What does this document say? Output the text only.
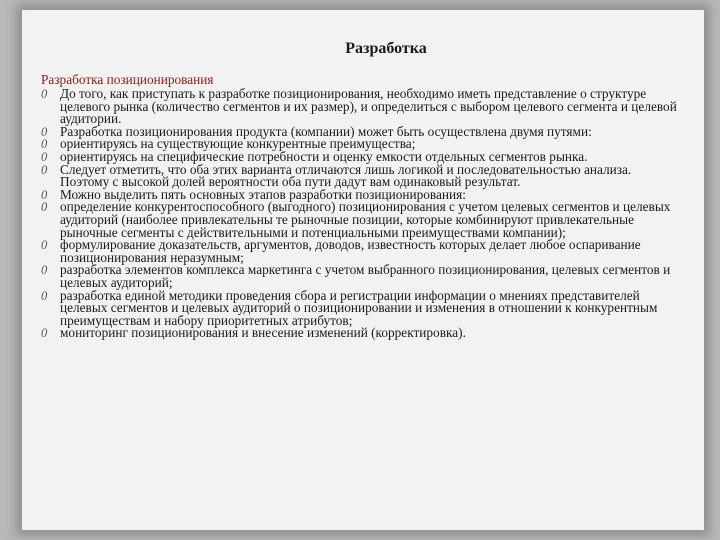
Разработка
Разработка позиционирования
0 До того, как приступать к разработке позиционирования, необходимо иметь представление о структуре целевого рынка (количество сегментов и их размер), и определиться с выбором целевого сегмента и целевой аудитории.
0 Разработка позиционирования продукта (компании) может быть осуществлена двумя путями:
0 ориентируясь на существующие конкурентные преимущества;
0 ориентируясь на специфические потребности и оценку емкости отдельных сегментов рынка.
0 Следует отметить, что оба этих варианта отличаются лишь логикой и последовательностью анализа. Поэтому с высокой долей вероятности оба пути дадут вам одинаковый результат.
0 Можно выделить пять основных этапов разработки позиционирования:
0 определение конкурентоспособного (выгодного) позиционирования с учетом целевых сегментов и целевых аудиторий (наиболее привлекательны те рыночные позиции, которые комбинируют привлекательные рыночные сегменты с действительными и потенциальными преимуществами компании);
0 формулирование доказательств, аргументов, доводов, известность которых делает любое оспаривание позиционирования неразумным;
0 разработка элементов комплекса маркетинга с учетом выбранного позиционирования, целевых сегментов и целевых аудиторий;
0 разработка единой методики проведения сбора и регистрации информации о мнениях представителей целевых сегментов и целевых аудиторий о позиционировании и изменения в отношении к конкурентным преимуществам и набору приоритетных атрибутов;
0 мониторинг позиционирования и внесение изменений (корректировка).
